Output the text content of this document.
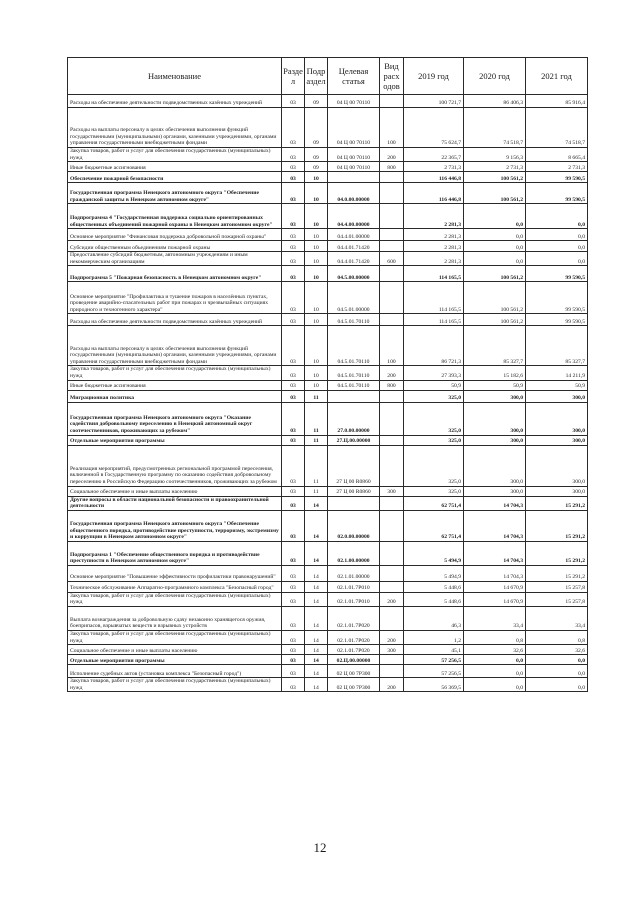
Наименование	Разде л	Подр аздел	Целевая статья	Вид расх одов	2019 год	2020 год	2021 год
Расходы на обеспечение деятельности подведомственных казённых учреждений	03	09	04 Ц 00 70110		100 721,7	86 406,3	85 916,4
Расходы на выплаты персоналу в целях обеспечения выполнения функций государственными (муниципальными) органами, казенными учреждениями, органами управления государственными внебюджетными фондами	03	09	04 Ц 00 70110	100	75 624,7	74 518,7	74 518,7
Закупка товаров, работ и услуг для обеспечения государственных (муниципальных) нужд	03	09	04 Ц 00 70110	200	22 365,7	9 156,3	8 665,4
Иные бюджетные ассигнования	03	09	04 Ц 00 70110	800	2 731,3	2 731,3	2 731,3
Обеспечение пожарной безопасности	03	10			116 446,8	100 561,2	99 590,5
Государственная программа Ненецкого автономного округа "Обеспечение гражданской защиты в Ненецком автономном округе"	03	10	04.0.00.00000		116 446,8	100 561,2	99 590,5
Подпрограмма 4 "Государственная поддержка социально ориентированных общественных объединений пожарной охраны в Ненецком автономном округе"	03	10	04.4.00.00000		2 281,3	0,0	0,0
Основное мероприятие "Финансовая поддержка добровольной пожарной охраны"	03	10	04.4.01.00000		2 281,3	0,0	0,0
Субсидии общественным объединениям пожарной охраны	03	10	04.4.01.71420		2 281,3	0,0	0,0
Предоставление субсидий бюджетным, автономным учреждениям и иным некоммерческим организациям	03	10	04.4.01.71420	600	2 281,3	0,0	0,0
Подпрограмма 5 "Пожарная безопасность в Ненецком автономном округе"	03	10	04.5.00.00000		114 165,5	100 561,2	99 590,5
Основное мероприятие "Профилактика и тушение пожаров в населённых пунктах, проведение аварийно-спасательных работ при пожарах и чрезвычайных ситуациях природного и техногенного характера"	03	10	04.5.01.00000		114 165,5	100 561,2	99 590,5
Расходы на обеспечение деятельности подведомственных казённых учреждений	03	10	04.5.01.70110		114 165,5	100 561,2	99 590,5
Расходы на выплаты персоналу в целях обеспечения выполнения функций государственными (муниципальными) органами, казенными учреждениями, органами управления государственными внебюджетными фондами	03	10	04.5.01.70110	100	86 721,3	85 327,7	85 327,7
Закупка товаров, работ и услуг для обеспечения государственных (муниципальных) нужд	03	10	04.5.01.70110	200	27 393,3	15 182,6	14 211,9
Иные бюджетные ассигнования	03	10	04.5.01.70110	800	50,9	50,9	50,9
Миграционная политика	03	11			325,0	300,0	300,0
Государственная программа Ненецкого автономного округа "Оказание содействия добровольному переселению в Ненецкий автономный округ соотечественников, проживающих за рубежом"	03	11	27.0.00.00000		325,0	300,0	300,0
Отдельные мероприятия программы	03	11	27.Ц.00.00000		325,0	300,0	300,0
Реализация мероприятий, предусмотренных региональной программой переселения, включенной в Государственную программу по оказанию содействия добровольному переселению в Российскую Федерацию соотечественников, проживающих за рубежом	03	11	27 Ц 00 R0860		325,0	300,0	300,0
Социальное обеспечение и иные выплаты населению	03	11	27 Ц 00 R0860	300	325,0	300,0	300,0
Другие вопросы в области национальной безопасности и правоохранительной деятельности	03	14			62 751,4	14 704,3	15 291,2
Государственная программа Ненецкого автономного округа "Обеспечение общественного порядка, противодействие преступности, терроризму, экстремизму и коррупции в Ненецком автономном округе"	03	14	02.0.00.00000		62 751,4	14 704,3	15 291,2
Подпрограмма 1 "Обеспечение общественного порядка и противодействие преступности в Ненецком автономном округе"	03	14	02.1.00.00000		5 494,9	14 704,3	15 291,2
Основное мероприятие "Повышение эффективности профилактики правонарушений"	03	14	02.1.01.00000		5 494,9	14 704,3	15 291,2
Техническое обслуживание Аппаратно-программного комплекса "Безопасный город"	03	14	02.1.01.7Р010		5 448,6	14 670,9	15 257,8
Закупка товаров, работ и услуг для обеспечения государственных (муниципальных) нужд	03	14	02.1.01.7Р010	200	5 448,6	14 670,9	15 257,8
Выплата вознаграждения за добровольную сдачу незаконно хранящегося оружия, боеприпасов, взрывчатых веществ и взрывных устройств	03	14	02.1.01.7Р020		46,3	33,4	33,4
Закупка товаров, работ и услуг для обеспечения государственных (муниципальных) нужд	03	14	02.1.01.7Р020	200	1,2	0,8	0,8
Социальное обеспечение и иные выплаты населению	03	14	02.1.01.7Р020	300	45,1	32,6	32,6
Отдельные мероприятия программы	03	14	02.Ц.00.00000		57 256,5	0,0	0,0
Исполнение судебных актов (установка комплекса "Безопасный город")	03	14	02 Ц 00 7Р300		57 256,5	0,0	0,0
Закупка товаров, работ и услуг для обеспечения государственных (муниципальных) нужд	03	14	02 Ц 00 7Р300	200	56 369,5	0,0	0,0
12
